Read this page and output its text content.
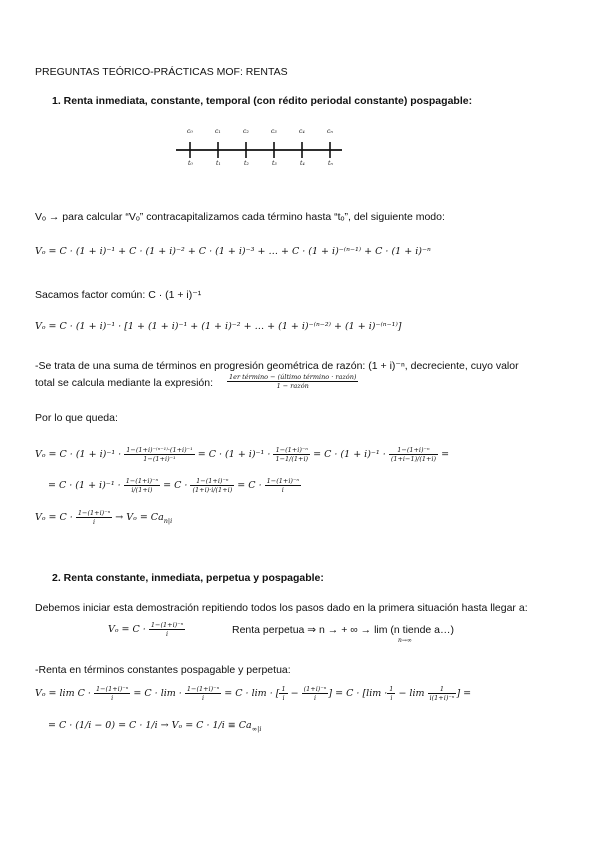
PREGUNTAS TEÓRICO-PRÁCTICAS MOF: RENTAS
1. Renta inmediata, constante, temporal (con rédito periodal constante) pospagable:
c₀
t₀
c₁
t₁
c₂
t₂
c₃
t₃
c₄
t₄
cₙ
tₙ
Vₒ → para calcular “Vₒ” contracapitalizamos cada término hasta “tₒ”, del siguiente modo:
Vₒ = C · (1 + i)⁻¹ + C · (1 + i)⁻² + C · (1 + i)⁻³ + … + C · (1 + i)⁻⁽ⁿ⁻¹⁾ + C · (1 + i)⁻ⁿ
Sacamos factor común: C · (1 + i)⁻¹
Vₒ = C · (1 + i)⁻¹ · [1 + (1 + i)⁻¹ + (1 + i)⁻² + … + (1 + i)⁻⁽ⁿ⁻²⁾ + (1 + i)⁻⁽ⁿ⁻¹⁾]
-Se trata de una suma de términos en progresión geométrica de razón: (1 + i)⁻ⁿ, decreciente, cuyo valor
total se calcula mediante la expresión:	1er término − (último término · razón)
1 − razón
Por lo que queda:
$V_o = C \cdot (1 + i)^{-1} \cdot \frac{\text{1−(1+i)⁻⁽ⁿ⁻¹⁾·(1+i)⁻¹}}{\text{1−(1+i)⁻¹}} = C \cdot (1 + i)^{-1} \cdot \frac{\text{1−(1+i)⁻ⁿ}}{1-1/(1+i)} = C \cdot (1 + i)^{-1} \cdot \frac{\text{1−(1+i)⁻ⁿ}}{(1+i-1)/(1+i)}$ =
= $C \cdot (1 + i)^{-1} \cdot \frac{\text{1−(1+i)⁻ⁿ}}{i/(1+i)} = C \cdot \frac{\text{1−(1+i)⁻ⁿ}}{(1+i)\cdot i/(1+i)} = C \cdot \frac{\text{1−(1+i)⁻ⁿ}}{i}$
$V_o = C \cdot \frac{\text{1−(1+i)⁻ⁿ}}{i} \to V_o = Ca_{n|i}$
2. Renta constante, inmediata, perpetua y pospagable:
Debemos iniciar esta demostración repitiendo todos los pasos dado en la primera situación hasta llegar a:
$V_o = C \cdot \frac{\text{1−(1+i)⁻ⁿ}}{i}$	Renta perpetua ⇒ n → + ∞ → lim (n tiende a…)
n→∞
-Renta en términos constantes pospagable y perpetua:
$V_o = \lim C \cdot \frac{\text{1−(1+i)⁻ⁿ}}{i} = C \cdot \lim \cdot \frac{\text{1−(1+i)⁻ⁿ}}{i} = C \cdot \lim$ · [ $\frac{1}{i} - \frac{\text{(1+i)⁻ⁿ}}{i}$ ] = $C \cdot [\lim \cdot \frac{1}{i} - \lim \frac{1}{\text{i(1+i)⁻ⁿ}}$ ] =
= $C \cdot (1/i - 0) = C \cdot 1/i \to V_o = C \cdot 1/i \equiv Ca_{\infty|i}$
